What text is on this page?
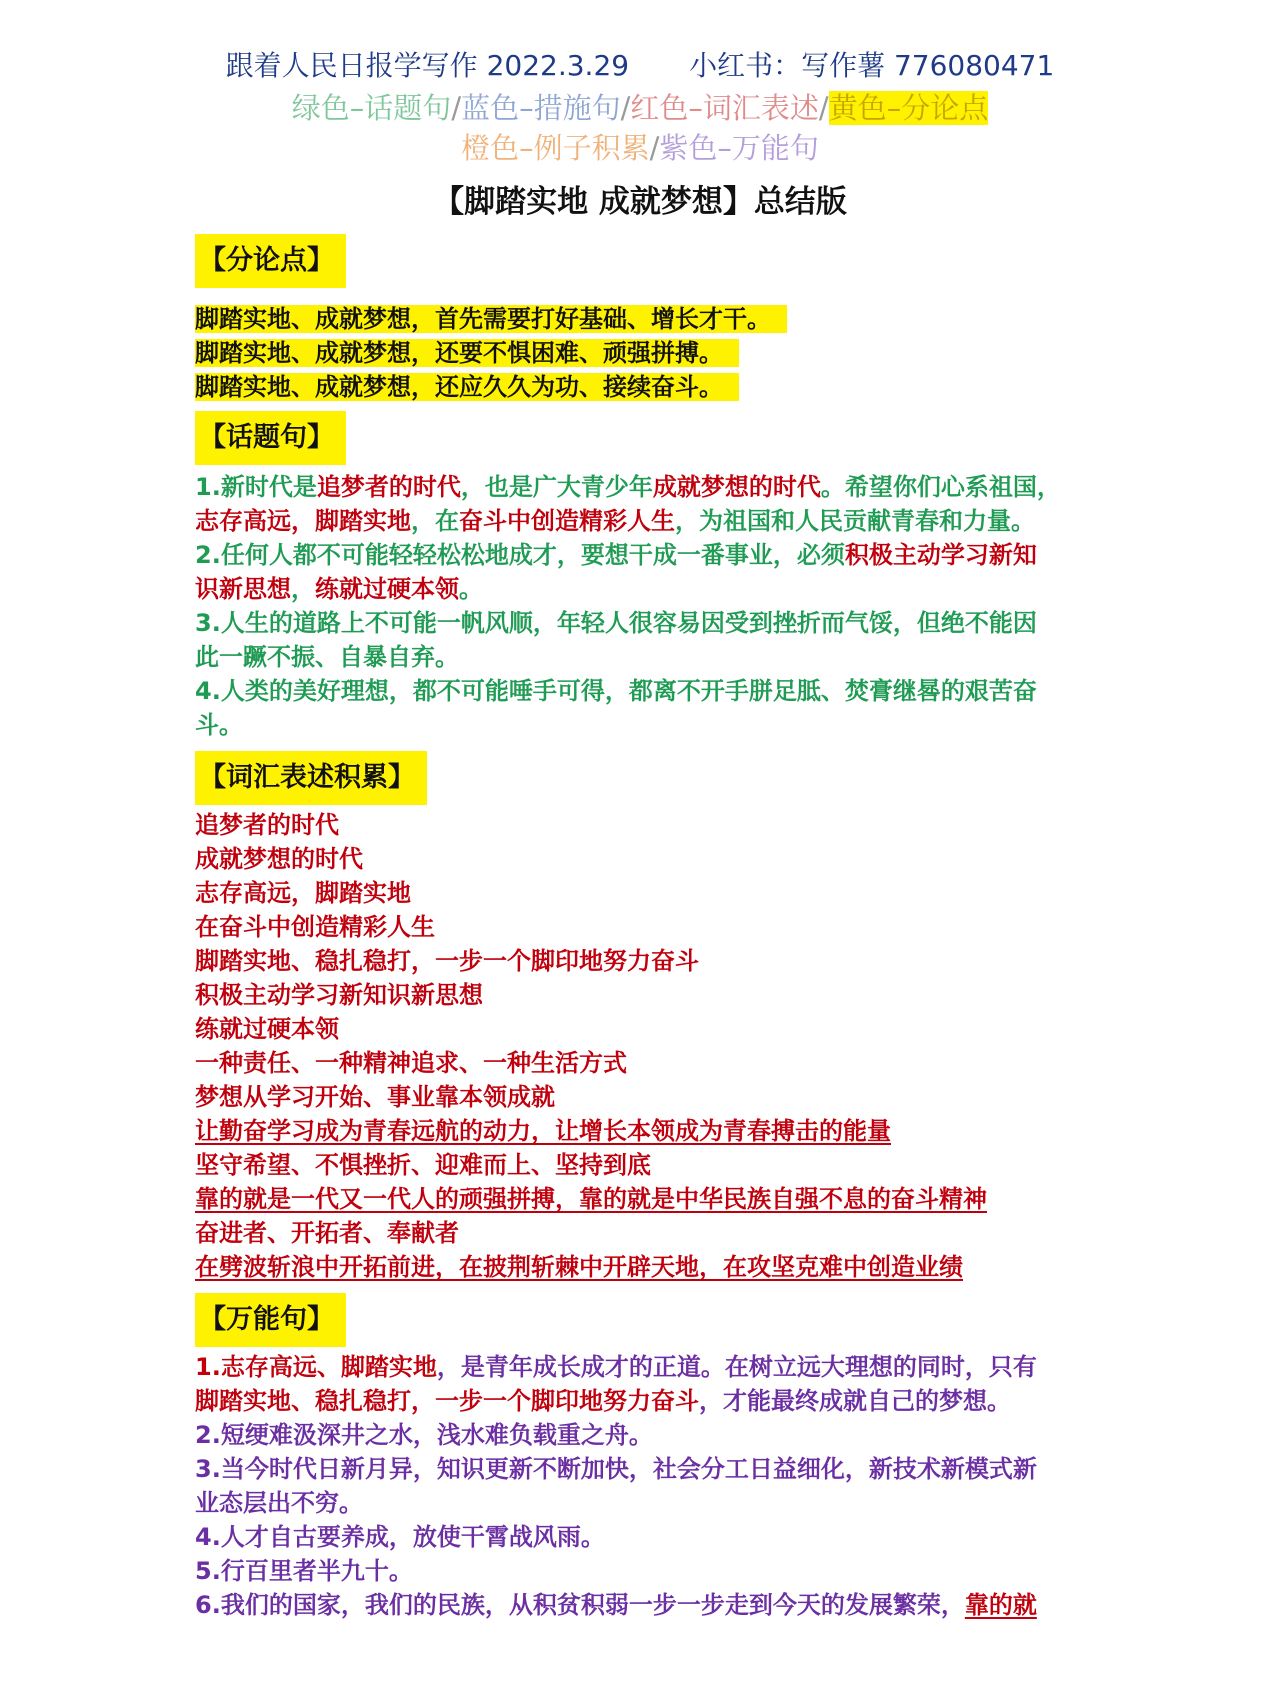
跟着人民日报学写作 2022.3.29 小红书：写作薯 776080471
绿色–话题句/蓝色–措施句/红色–词汇表述/黄色–分论点
橙色–例子积累/紫色–万能句
【脚踏实地 成就梦想】总结版
【分论点】
脚踏实地、成就梦想，首先需要打好基础、增长才干。
脚踏实地、成就梦想，还要不惧困难、顽强拼搏。
脚踏实地、成就梦想，还应久久为功、接续奋斗。
【话题句】
1.新时代是追梦者的时代，也是广大青少年成就梦想的时代。希望你们心系祖国，
志存高远，脚踏实地，在奋斗中创造精彩人生，为祖国和人民贡献青春和力量。
2.任何人都不可能轻轻松松地成才，要想干成一番事业，必须积极主动学习新知
识新思想，练就过硬本领。
3.人生的道路上不可能一帆风顺，年轻人很容易因受到挫折而气馁，但绝不能因
此一蹶不振、自暴自弃。
4.人类的美好理想，都不可能唾手可得，都离不开手胼足胝、焚膏继晷的艰苦奋
斗。
【词汇表述积累】
追梦者的时代
成就梦想的时代
志存高远，脚踏实地
在奋斗中创造精彩人生
脚踏实地、稳扎稳打，一步一个脚印地努力奋斗
积极主动学习新知识新思想
练就过硬本领
一种责任、一种精神追求、一种生活方式
梦想从学习开始、事业靠本领成就
让勤奋学习成为青春远航的动力，让增长本领成为青春搏击的能量
坚守希望、不惧挫折、迎难而上、坚持到底
靠的就是一代又一代人的顽强拼搏，靠的就是中华民族自强不息的奋斗精神
奋进者、开拓者、奉献者
在劈波斩浪中开拓前进，在披荆斩棘中开辟天地，在攻坚克难中创造业绩
【万能句】
1.志存高远、脚踏实地，是青年成长成才的正道。在树立远大理想的同时，只有
脚踏实地、稳扎稳打，一步一个脚印地努力奋斗，才能最终成就自己的梦想。
2.短绠难汲深井之水，浅水难负载重之舟。
3.当今时代日新月异，知识更新不断加快，社会分工日益细化，新技术新模式新
业态层出不穷。
4.人才自古要养成，放使干霄战风雨。
5.行百里者半九十。
6.我们的国家，我们的民族，从积贫积弱一步一步走到今天的发展繁荣，靠的就
